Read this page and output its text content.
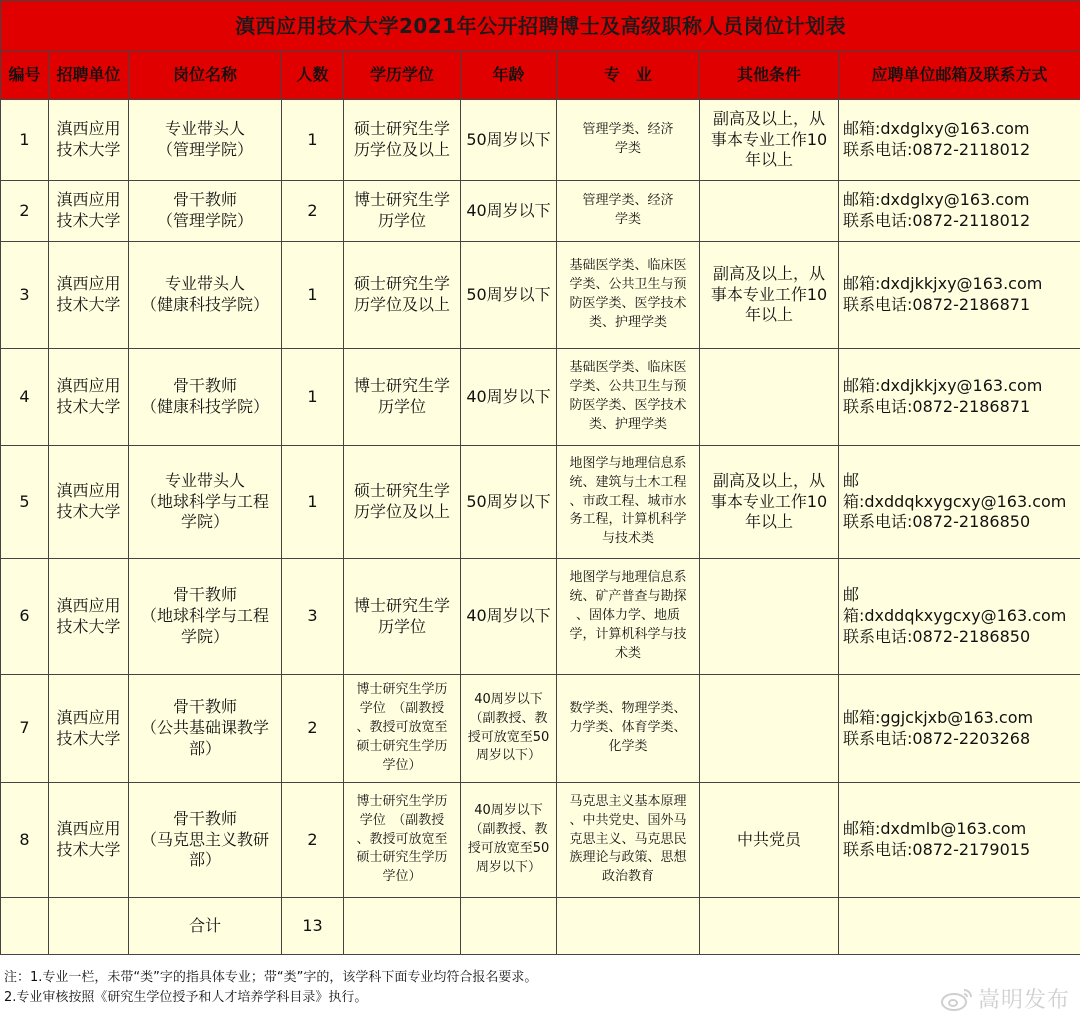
滇西应用技术大学2021年公开招聘博士及高级职称人员岗位计划表								
编号	招聘单位	岗位名称	人数	学历学位	年龄	专　业	其他条件	应聘单位邮箱及联系方式
1	滇西应用
技术大学	专业带头人
（管理学院）	1	硕士研究生学
历学位及以上	50周岁以下	管理学类、经济
学类	副高及以上，从
事本专业工作10
年以上	邮箱:dxdglxy@163.com
联系电话:0872-2118012
2	滇西应用
技术大学	骨干教师
（管理学院）	2	博士研究生学
历学位	40周岁以下	管理学类、经济
学类		邮箱:dxdglxy@163.com
联系电话:0872-2118012
3	滇西应用
技术大学	专业带头人
（健康科技学院）	1	硕士研究生学
历学位及以上	50周岁以下	基础医学类、临床医
学类、公共卫生与预
防医学类、医学技术
类、护理学类	副高及以上，从
事本专业工作10
年以上	邮箱:dxdjkkjxy@163.com
联系电话:0872-2186871
4	滇西应用
技术大学	骨干教师
（健康科技学院）	1	博士研究生学
历学位	40周岁以下	基础医学类、临床医
学类、公共卫生与预
防医学类、医学技术
类、护理学类		邮箱:dxdjkkjxy@163.com
联系电话:0872-2186871
5	滇西应用
技术大学	专业带头人
（地球科学与工程
学院）	1	硕士研究生学
历学位及以上	50周岁以下	地图学与地理信息系
统、建筑与土木工程
、市政工程、城市水
务工程，计算机科学
与技术类	副高及以上，从
事本专业工作10
年以上	邮箱:dxddqkxygcxy@163.com
联系电话:0872-2186850
6	滇西应用
技术大学	骨干教师
（地球科学与工程
学院）	3	博士研究生学
历学位	40周岁以下	地图学与地理信息系
统、矿产普查与勘探
、固体力学、地质
学，计算机科学与技
术类		邮箱:dxddqkxygcxy@163.com
联系电话:0872-2186850
7	滇西应用
技术大学	骨干教师
（公共基础课教学
部）	2	博士研究生学历
学位　（副教授
、教授可放宽至
硕士研究生学历
学位）	40周岁以下
（副教授、教
授可放宽至50
周岁以下）	数学类、物理学类、
力学类、体育学类、
化学类		邮箱:ggjckjxb@163.com
联系电话:0872-2203268
8	滇西应用
技术大学	骨干教师
（马克思主义教研
部）	2	博士研究生学历
学位　（副教授
、教授可放宽至
硕士研究生学历
学位）	40周岁以下
（副教授、教
授可放宽至50
周岁以下）	马克思主义基本原理
、中共党史、国外马
克思主义、马克思民
族理论与政策、思想
政治教育	中共党员	邮箱:dxdmlb@163.com
联系电话:0872-2179015
		合计	13					
注：1.专业一栏，未带“类”字的指具体专业；带“类”字的，该学科下面专业均符合报名要求。
2.专业审核按照《研究生学位授予和人才培养学科目录》执行。	嵩明发布
